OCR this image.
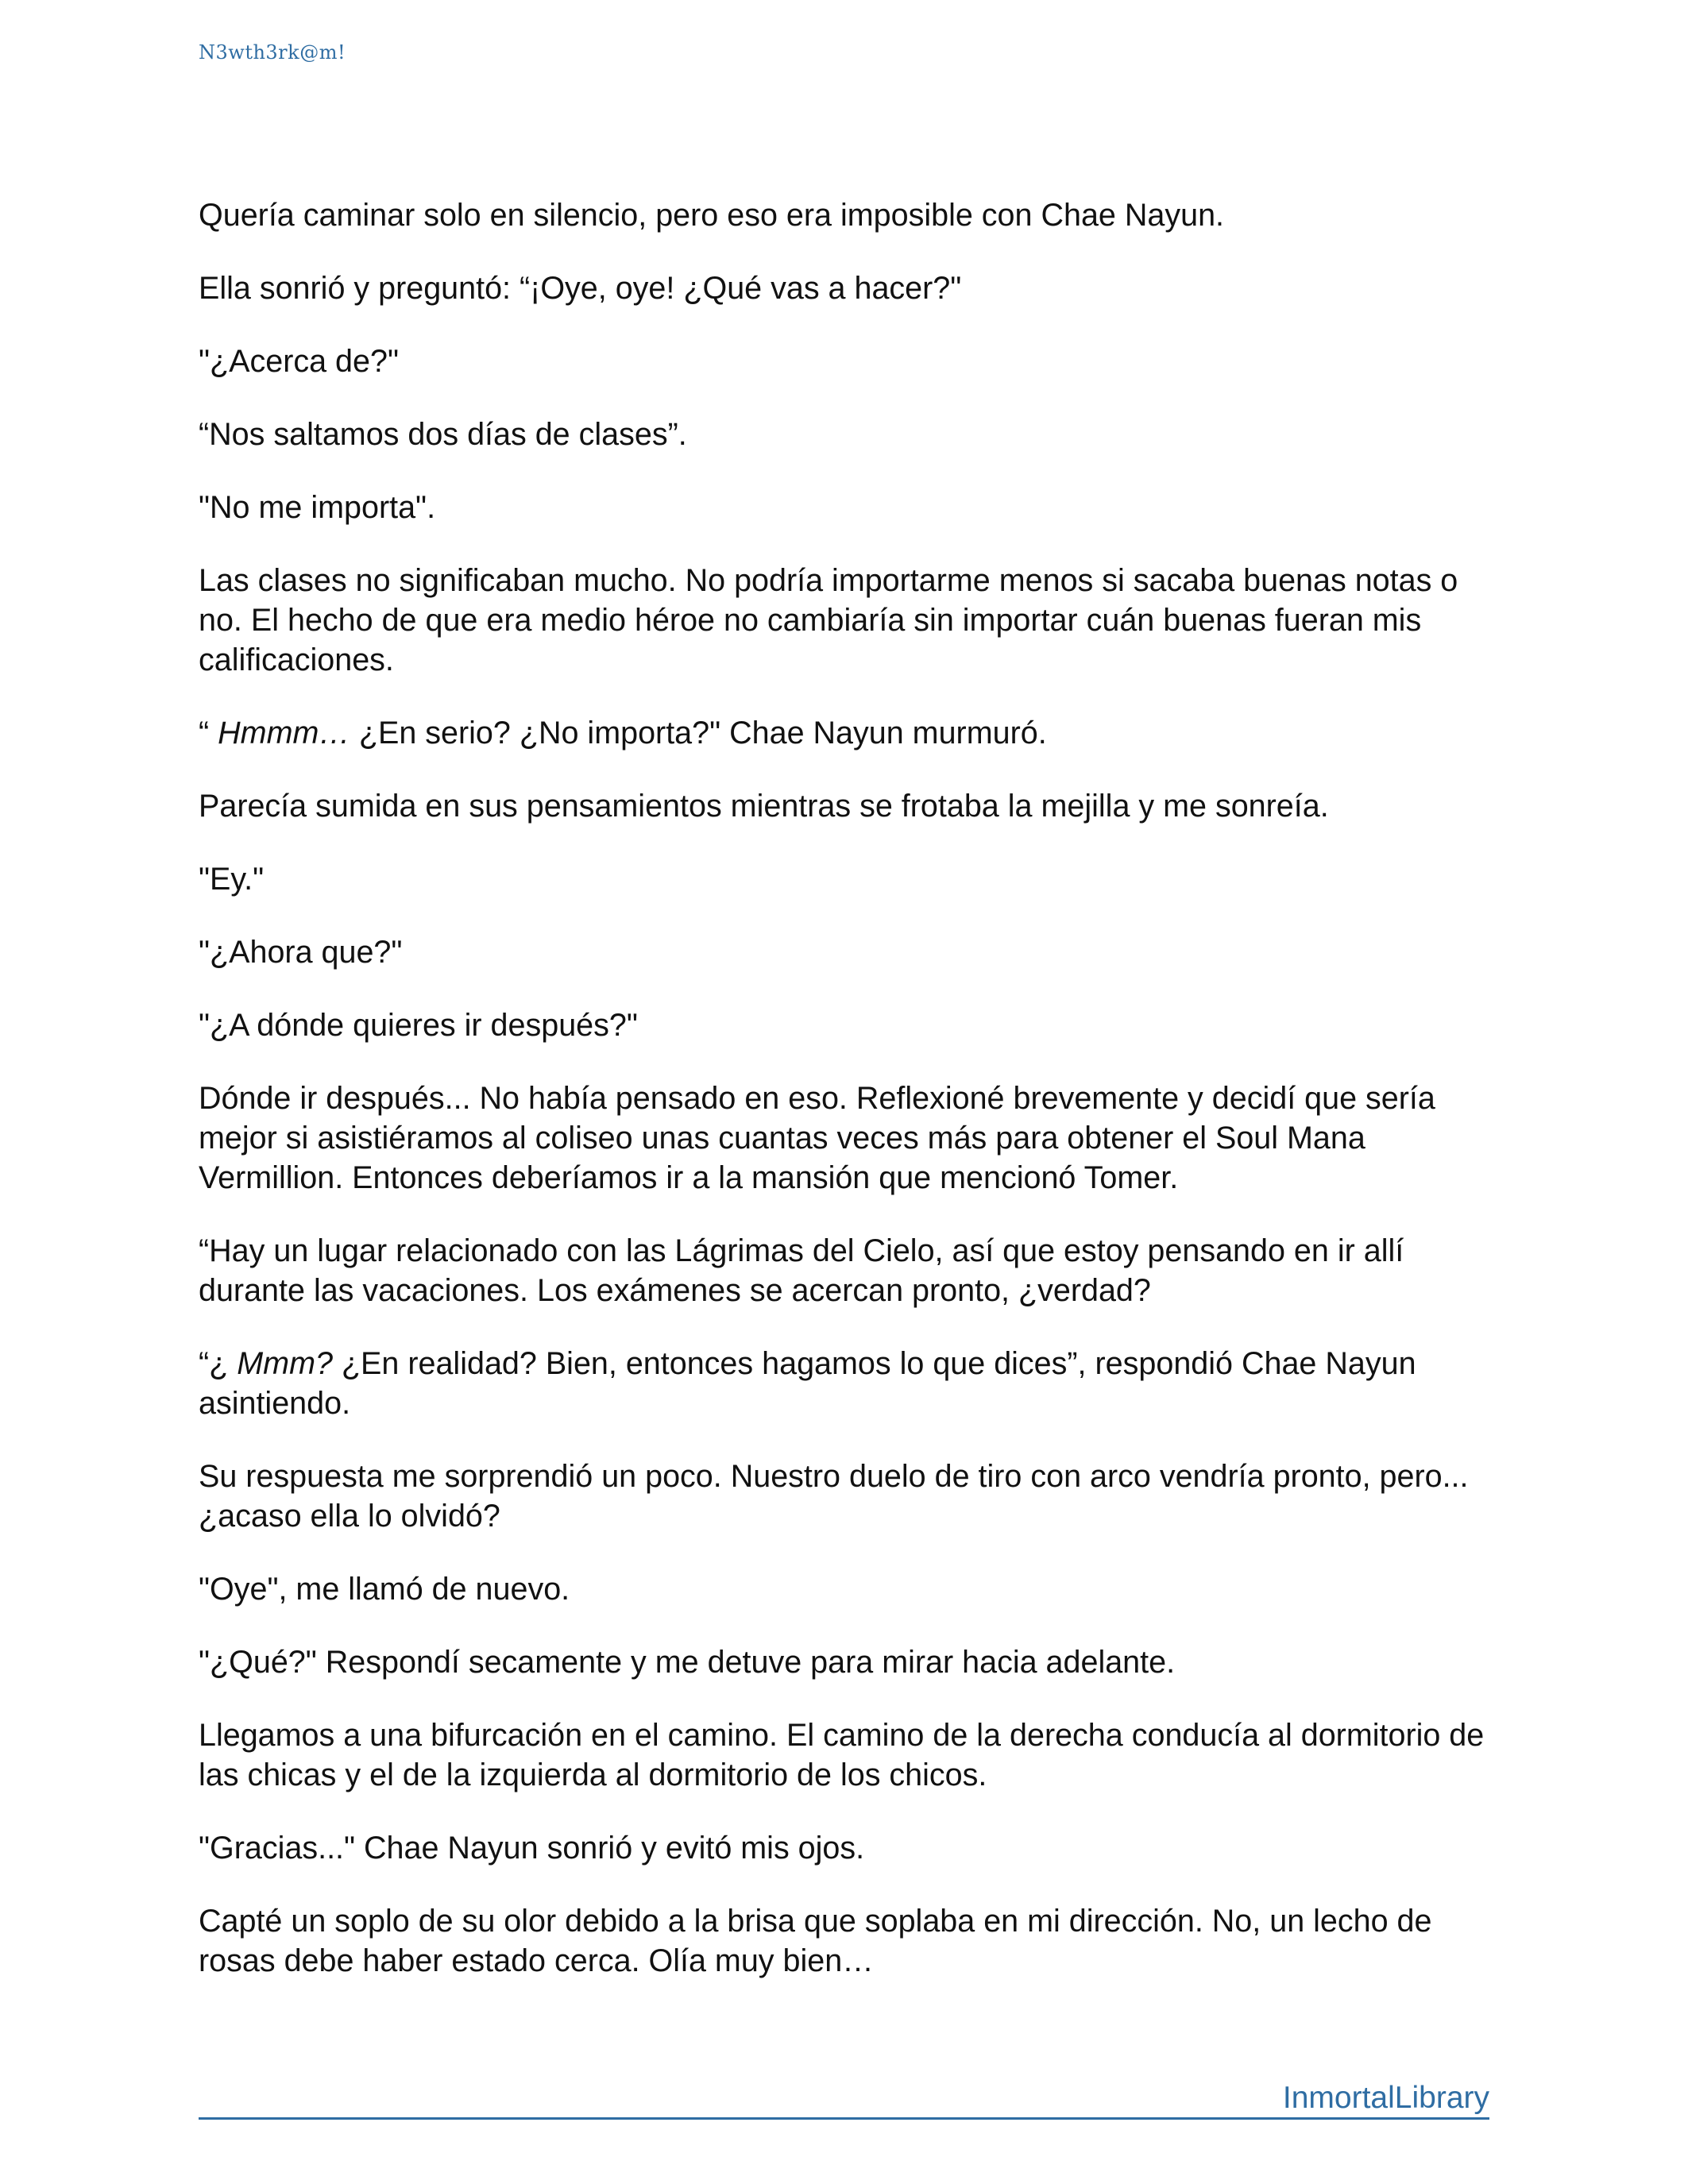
N3wth3rk@m!

Quería caminar solo en silencio, pero eso era imposible con Chae Nayun.

Ella sonrió y preguntó: “¡Oye, oye! ¿Qué vas a hacer?"

"¿Acerca de?"

“Nos saltamos dos días de clases”.

"No me importa".

Las clases no significaban mucho. No podría importarme menos si sacaba buenas notas o no. El hecho de que era medio héroe no cambiaría sin importar cuán buenas fueran mis calificaciones.

“ Hmmm… ¿En serio? ¿No importa?" Chae Nayun murmuró.

Parecía sumida en sus pensamientos mientras se frotaba la mejilla y me sonreía.

"Ey."

"¿Ahora que?"

"¿A dónde quieres ir después?"

Dónde ir después... No había pensado en eso. Reflexioné brevemente y decidí que sería mejor si asistiéramos al coliseo unas cuantas veces más para obtener el Soul Mana Vermillion. Entonces deberíamos ir a la mansión que mencionó Tomer.

“Hay un lugar relacionado con las Lágrimas del Cielo, así que estoy pensando en ir allí durante las vacaciones. Los exámenes se acercan pronto, ¿verdad?

“¿ Mmm? ¿En realidad? Bien, entonces hagamos lo que dices”, respondió Chae Nayun asintiendo.

Su respuesta me sorprendió un poco. Nuestro duelo de tiro con arco vendría pronto, pero... ¿acaso ella lo olvidó?

"Oye", me llamó de nuevo.

"¿Qué?" Respondí secamente y me detuve para mirar hacia adelante.

Llegamos a una bifurcación en el camino. El camino de la derecha conducía al dormitorio de las chicas y el de la izquierda al dormitorio de los chicos.

"Gracias..." Chae Nayun sonrió y evitó mis ojos.

Capté un soplo de su olor debido a la brisa que soplaba en mi dirección. No, un lecho de rosas debe haber estado cerca. Olía muy bien…

InmortalLibrary
